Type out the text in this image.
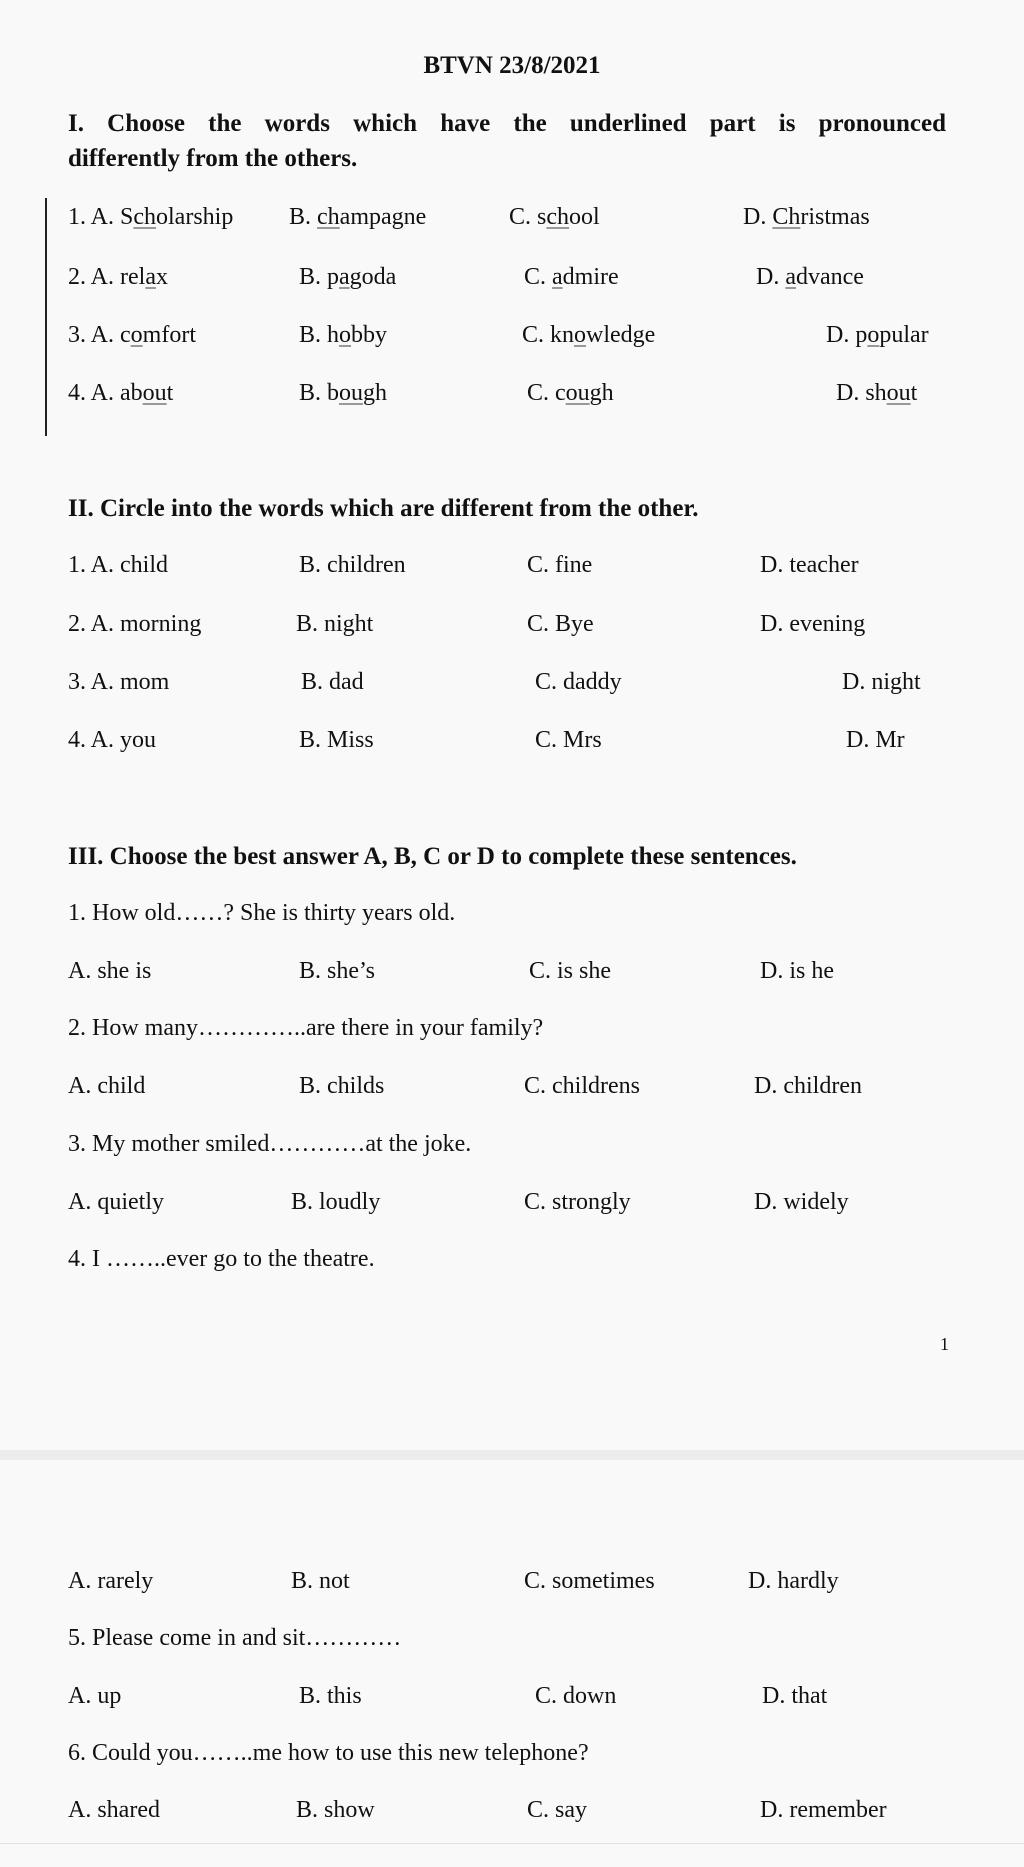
BTVN 23/8/2021
I. Choose the words which have the underlined part is pronounced
differently from the others.
1. A. Scholarship B. champagne	C. school	D. Christmas
2. A. relax	B. pagoda	C. admire	D. advance
3. A. comfort	B. hobby	C. knowledge	D. popular
4. A. about	B. bough	C. cough	D. shout
II. Circle into the words which are different from the other.
1. A. child	B. children	C. fine	D. teacher
2. A. morning	B. night	C. Bye	D. evening
3. A. mom	B. dad	C. daddy	D. night
4. A. you	B. Miss	C. Mrs	D. Mr
III. Choose the best answer A, B, C or D to complete these sentences.
1. How old……? She is thirty years old.
A. she is	B. she’s	C. is she	D. is he
2. How many…………..are there in your family?
A. child	B. childs	C. childrens	D. children
3. My mother smiled…………at the joke.
A. quietly	B. loudly	C. strongly	D. widely
4. I ……..ever go to the theatre.
1
A. rarely	B. not	C. sometimes	D. hardly
5. Please come in and sit…………
A. up	B. this	C. down	D. that
6. Could you……..me how to use this new telephone?
A. shared	B. show	C. say	D. remember
